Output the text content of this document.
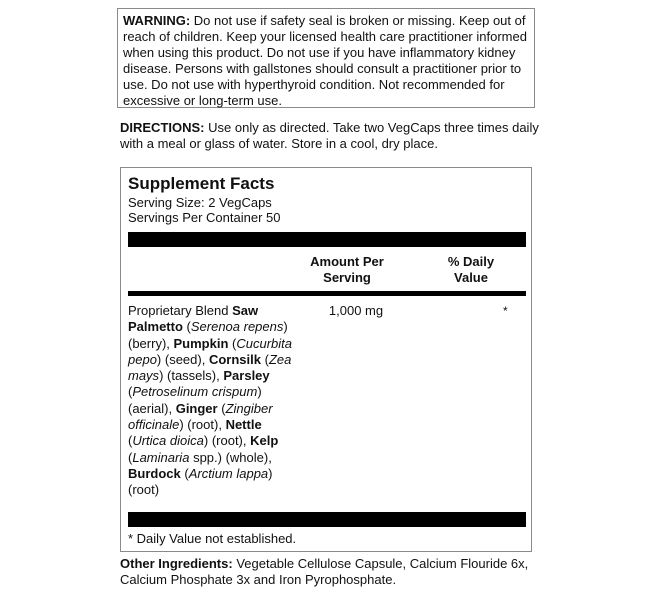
WARNING: Do not use if safety seal is broken or missing. Keep out of reach of children. Keep your licensed health care practitioner informed when using this product. Do not use if you have inflammatory kidney disease. Persons with gallstones should consult a practitioner prior to use. Do not use with hyperthyroid condition. Not recommended for excessive or long-term use.
DIRECTIONS: Use only as directed. Take two VegCaps three times daily with a meal or glass of water. Store in a cool, dry place.
Supplement Facts
Serving Size: 2 VegCaps
Servings Per Container 50
Amount Per
Serving
% Daily
Value
Proprietary Blend Saw Palmetto (Serenoa repens) (berry), Pumpkin (Cucurbita pepo) (seed), Cornsilk (Zea mays) (tassels), Parsley (Petroselinum crispum) (aerial), Ginger (Zingiber officinale) (root), Nettle (Urtica dioica) (root), Kelp (Laminaria spp.) (whole), Burdock (Arctium lappa) (root)
1,000 mg	*
* Daily Value not established.
Other Ingredients: Vegetable Cellulose Capsule, Calcium Flouride 6x, Calcium Phosphate 3x and Iron Pyrophosphate.
